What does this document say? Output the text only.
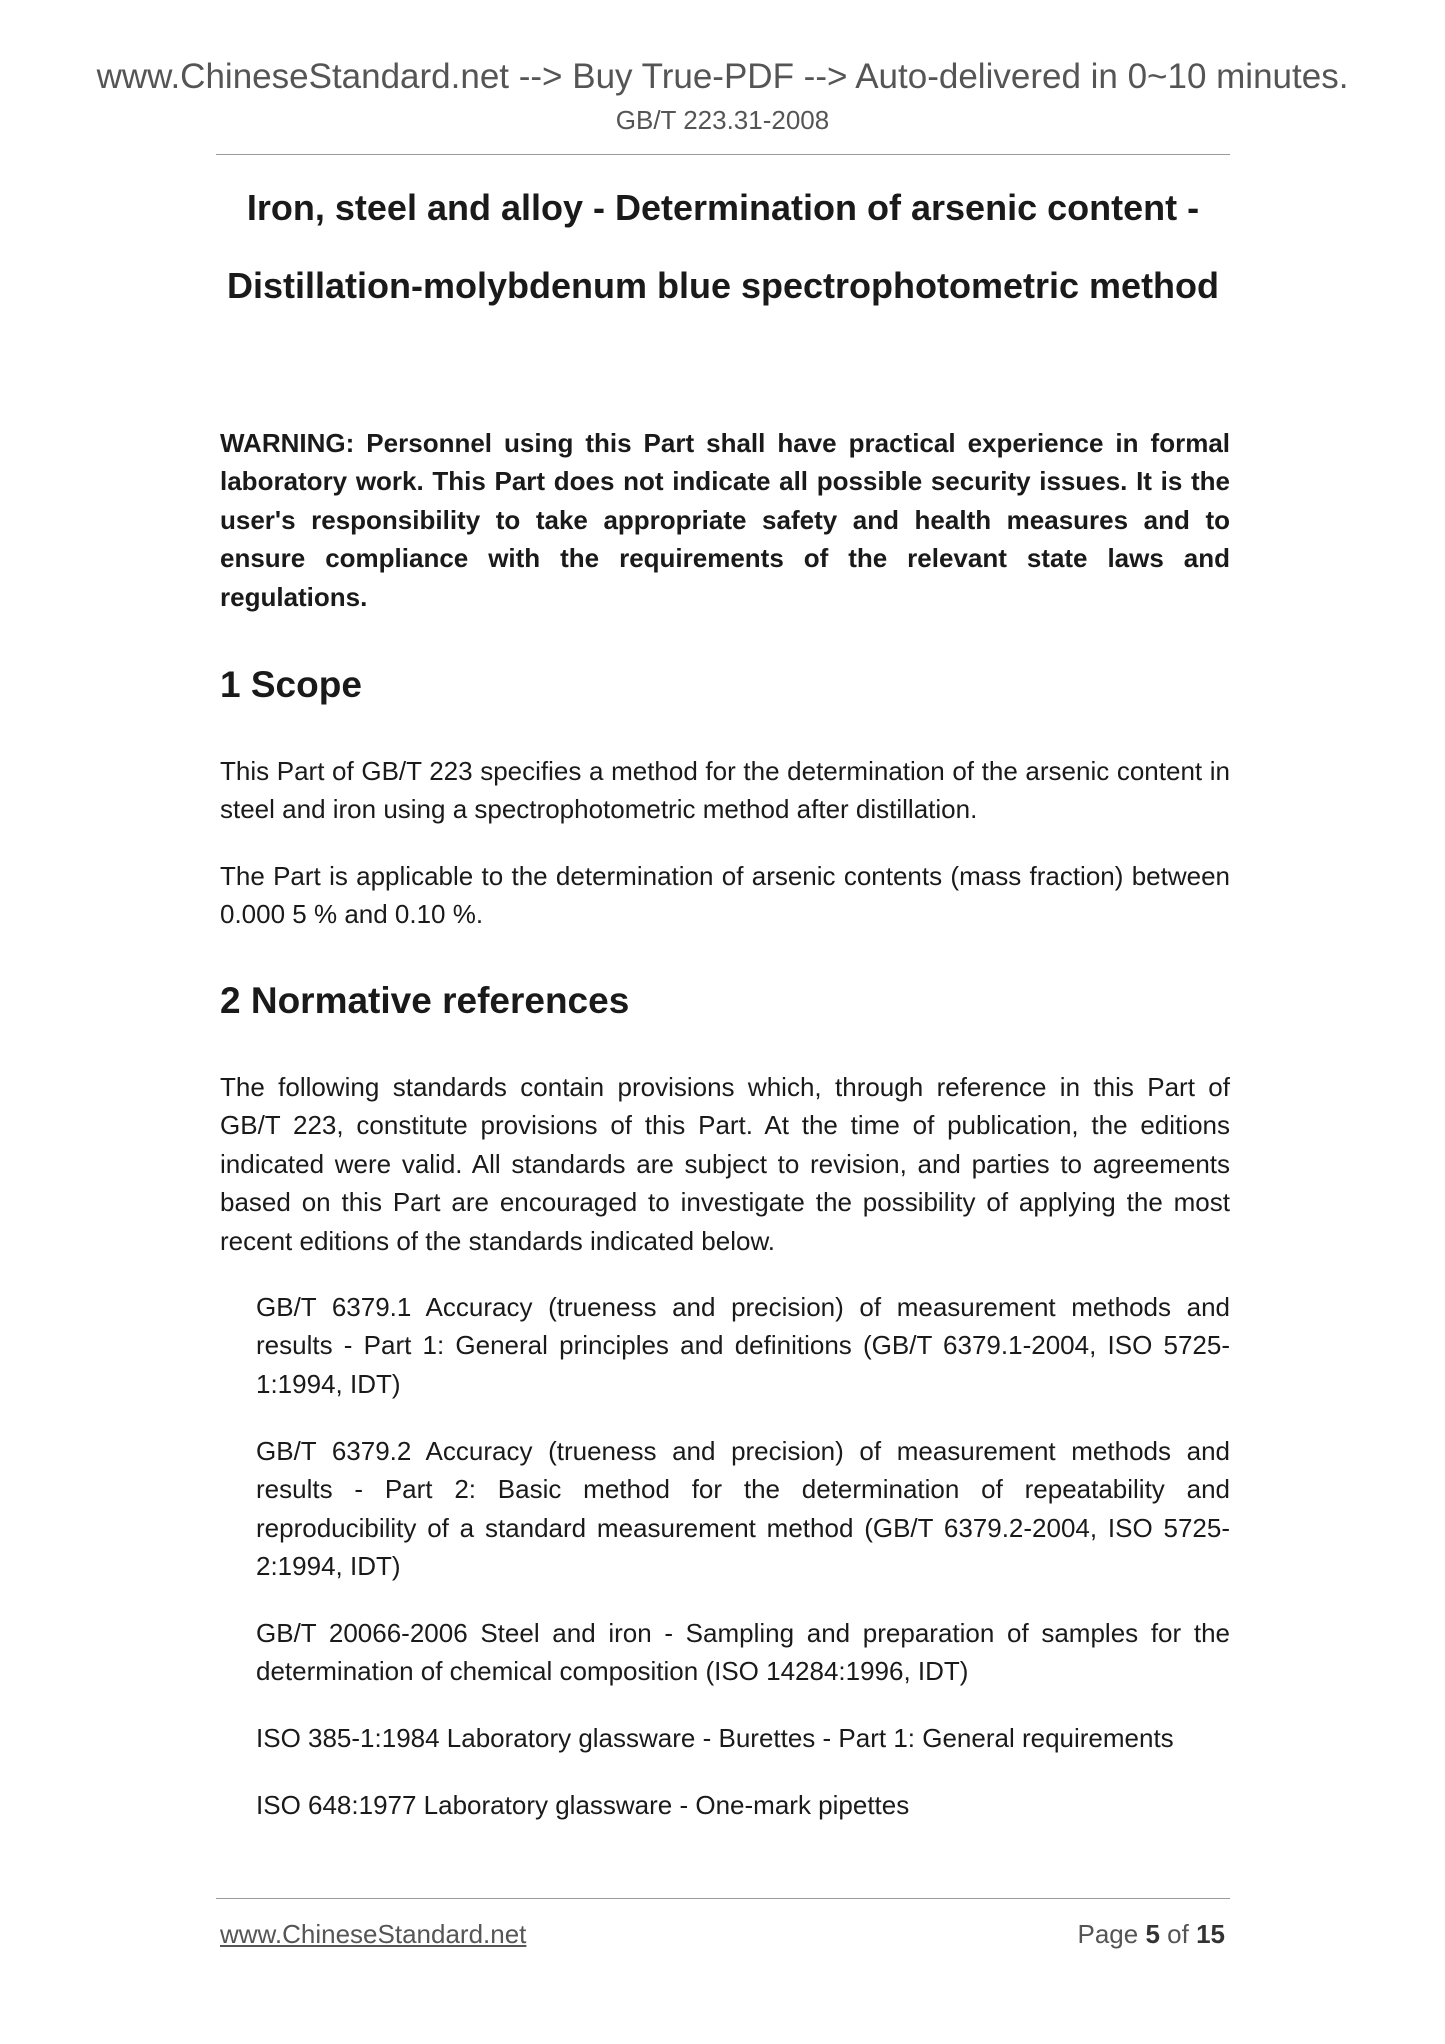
www.ChineseStandard.net --> Buy True-PDF --> Auto-delivered in 0~10 minutes.
GB/T 223.31-2008
Iron, steel and alloy - Determination of arsenic content -
Distillation-molybdenum blue spectrophotometric method
WARNING: Personnel using this Part shall have practical experience in formal laboratory work. This Part does not indicate all possible security issues. It is the user's responsibility to take appropriate safety and health measures and to ensure compliance with the requirements of the relevant state laws and regulations.
1 Scope
This Part of GB/T 223 specifies a method for the determination of the arsenic content in steel and iron using a spectrophotometric method after distillation.
The Part is applicable to the determination of arsenic contents (mass fraction) between 0.000 5 % and 0.10 %.
2 Normative references
The following standards contain provisions which, through reference in this Part of GB/T 223, constitute provisions of this Part. At the time of publication, the editions indicated were valid. All standards are subject to revision, and parties to agreements based on this Part are encouraged to investigate the possibility of applying the most recent editions of the standards indicated below.
GB/T 6379.1 Accuracy (trueness and precision) of measurement methods and results - Part 1: General principles and definitions (GB/T 6379.1-2004, ISO 5725-1:1994, IDT)
GB/T 6379.2 Accuracy (trueness and precision) of measurement methods and results - Part 2: Basic method for the determination of repeatability and reproducibility of a standard measurement method (GB/T 6379.2-2004, ISO 5725-2:1994, IDT)
GB/T 20066-2006 Steel and iron - Sampling and preparation of samples for the determination of chemical composition (ISO 14284:1996, IDT)
ISO 385-1:1984 Laboratory glassware - Burettes - Part 1: General requirements
ISO 648:1977 Laboratory glassware - One-mark pipettes
www.ChineseStandard.net	Page 5 of 15
